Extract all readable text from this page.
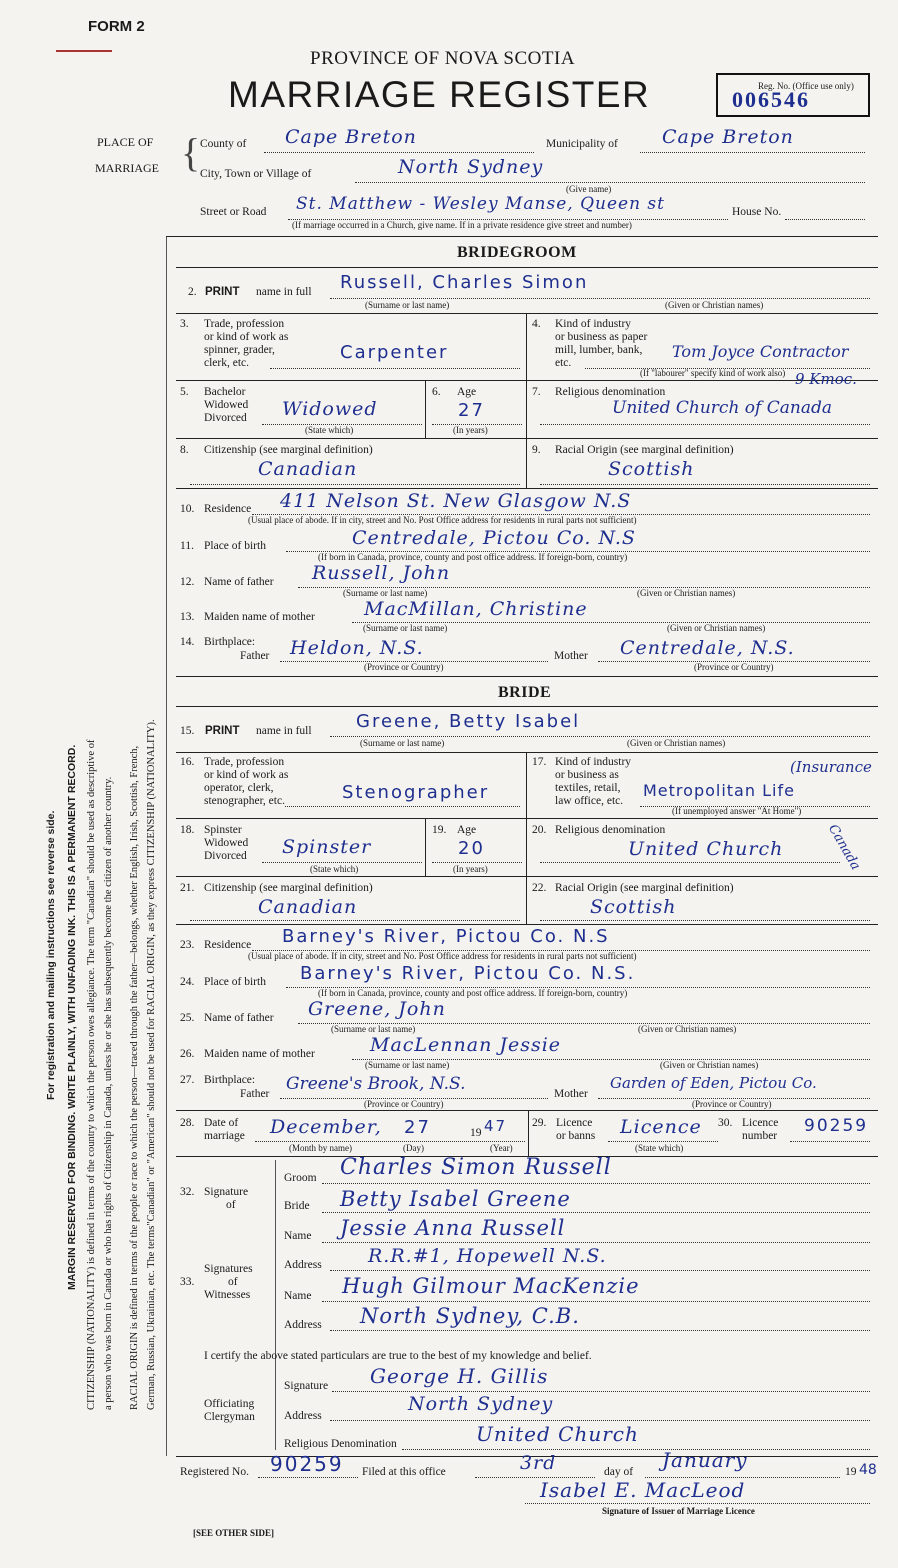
FORM 2
PROVINCE OF NOVA SCOTIA
MARRIAGE REGISTER	Reg. No. (Office use only)
006546
For registration and mailing instructions see reverse side. MARGIN RESERVED FOR BINDING. WRITE PLAINLY, WITH UNFADING INK. THIS IS A PERMANENT RECORD. CITIZENSHIP (NATIONALITY) is defined in terms of the country to which the person owes allegiance. The term "Canadian" should be used as descriptive of a person who was born in Canada or who has rights of Citizenship in Canada, unless he or she has subsequently become the citizen of another country. RACIAL ORIGIN is defined in terms of the people or race to which the person—traced through the father—belongs, whether English, Irish, Scottish, French, German, Russian, Ukrainian, etc. The terms"Canadian" or "American" should not be used for RACIAL ORIGIN, as they express CITIZENSHIP (NATIONALITY).
PLACE OF
MARRIAGE { County of Cape Breton	Municipality of Cape Breton
City, Town or Village of	North Sydney
(Give name)
Street or Road St. Matthew - Wesley Manse, Queen st	House No.
(If marriage occurred in a Church, give name. If in a private residence give street and number)
BRIDEGROOM
2. PRINT name in full Russell, Charles Simon
(Surname or last name)	(Given or Christian names)
3. Trade, profession
or kind of work as
spinner, grader,
clerk, etc.	Carpenter
4. Kind of industry
or business as paper
mill, lumber, bank,
etc.
Tom Joyce Contractor
(If "labourer" specify kind of work also)
5. Bachelor
Widowed
Divorced Widowed
(State which)
6. Age
27
(In years)
7. Religious denomination
9 Kmoc.
United Church of Canada
8. Citizenship (see marginal definition)
Canadian
9. Racial Origin (see marginal definition)
Scottish
10. Residence 411 Nelson St. New Glasgow N.S
(Usual place of abode. If in city, street and No. Post Office address for residents in rural parts not sufficient)
11. Place of birth	Centredale, Pictou Co. N.S
(If born in Canada, province, county and post office address. If foreign-born, country)
12. Name of father Russell, John
(Surname or last name)	(Given or Christian names)
13. Maiden name of mother	MacMillan, Christine
(Surname or last name)	(Given or Christian names)
14. Birthplace:
Father Heldon, N.S.
(Province or Country)
Mother Centredale, N.S.
(Province or Country)
BRIDE
15. PRINT name in full Greene, Betty Isabel
(Surname or last name)	(Given or Christian names)
16. Trade, profession
or kind of work as
operator, clerk,
stenographer, etc.	Stenographer
17. Kind of industry
or business as
textiles, retail,
law office, etc.
(Insurance
Metropolitan Life
(If unemployed answer "At Home")
18. Spinster
Widowed
Divorced Spinster
(State which)
19. Age
20
(In years)
20. Religious denomination
United Church	Canada
21. Citizenship (see marginal definition)
Canadian
22. Racial Origin (see marginal definition)
Scottish
23. Residence Barney's River, Pictou Co. N.S
(Usual place of abode. If in city, street and No. Post Office address for residents in rural parts not sufficient)
24. Place of birth Barney's River, Pictou Co. N.S.
(If born in Canada, province, county and post office address. If foreign-born, country)
25. Name of father Greene, John
(Surname or last name)	(Given or Christian names)
26. Maiden name of mother	MacLennan Jessie
(Surname or last name)	(Given or Christian names)
27. Birthplace:
Father Greene's Brook, N.S.
(Province or Country)
Mother
Garden of Eden, Pictou Co.
(Province or Country)
28. Date of
marriage December, 27	19 47
(Month by name)	(Day)	(Year)
29. Licence
or banns Licence
(State which)
30. Licence
number 90259
32. Signature
of
Groom Charles Simon Russell
Bride Betty Isabel Greene
33.
Signatures
of
Witnesses
Name Jessie Anna Russell
Address R.R.#1, Hopewell N.S.
Name Hugh Gilmour MacKenzie
Address North Sydney, C.B.
I certify the above stated particulars are true to the best of my knowledge and belief.
Officiating
Clergyman
Signature George H. Gillis
Address
North Sydney
Religious Denomination	United Church
Registered No. 90259 Filed at this office	3rd	day of January	19 48
Isabel E. MacLeod
Signature of Issuer of Marriage Licence
[SEE OTHER SIDE]
